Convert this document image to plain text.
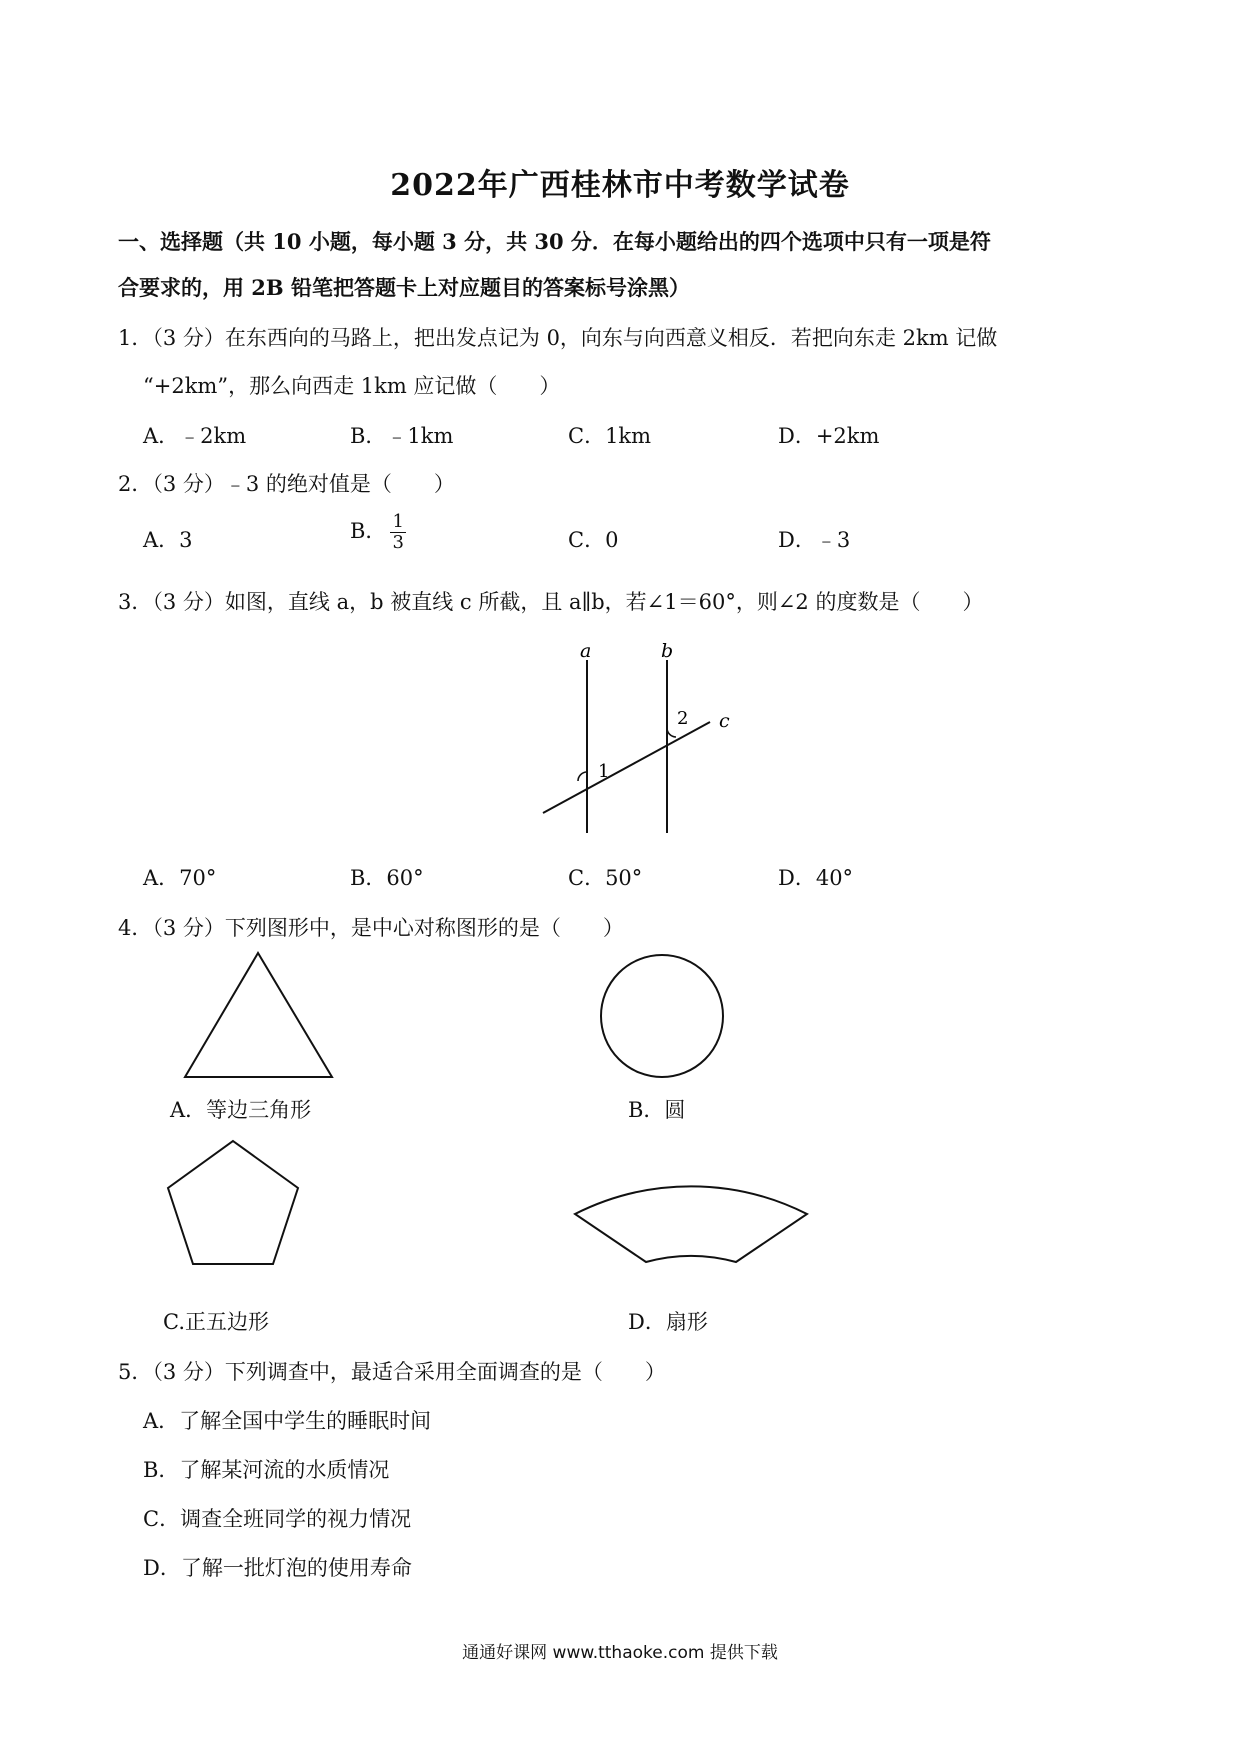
2022年广西桂林市中考数学试卷
一、选择题（共 10 小题，每小题 3 分，共 30 分．在每小题给出的四个选项中只有一项是符
合要求的，用 2B 铅笔把答题卡上对应题目的答案标号涂黑）
1．（3 分）在东西向的马路上，把出发点记为 0，向东与向西意义相反．若把向东走 2km 记做
“+2km”，那么向西走 1km 应记做（　　）
A．﹣2km	B．﹣1km	C．1km	D．+2km
2．（3 分）﹣3 的绝对值是（　　）
A．3	B． $\frac{1}{3}$	C．0	D．﹣3
3．（3 分）如图，直线 a，b 被直线 c 所截，且 a∥b，若∠1＝60°，则∠2 的度数是（　　）
a	b
c
1
2
A．70°	B．60°	C．50°	D．40°
4．（3 分）下列图形中，是中心对称图形的是（　　）
A．等边三角形	B．圆
C.正五边形	D．扇形
5．（3 分）下列调查中，最适合采用全面调查的是（　　）
A．了解全国中学生的睡眠时间
B．了解某河流的水质情况
C．调查全班同学的视力情况
D．了解一批灯泡的使用寿命
通通好课网 www.tthaoke.com 提供下载
